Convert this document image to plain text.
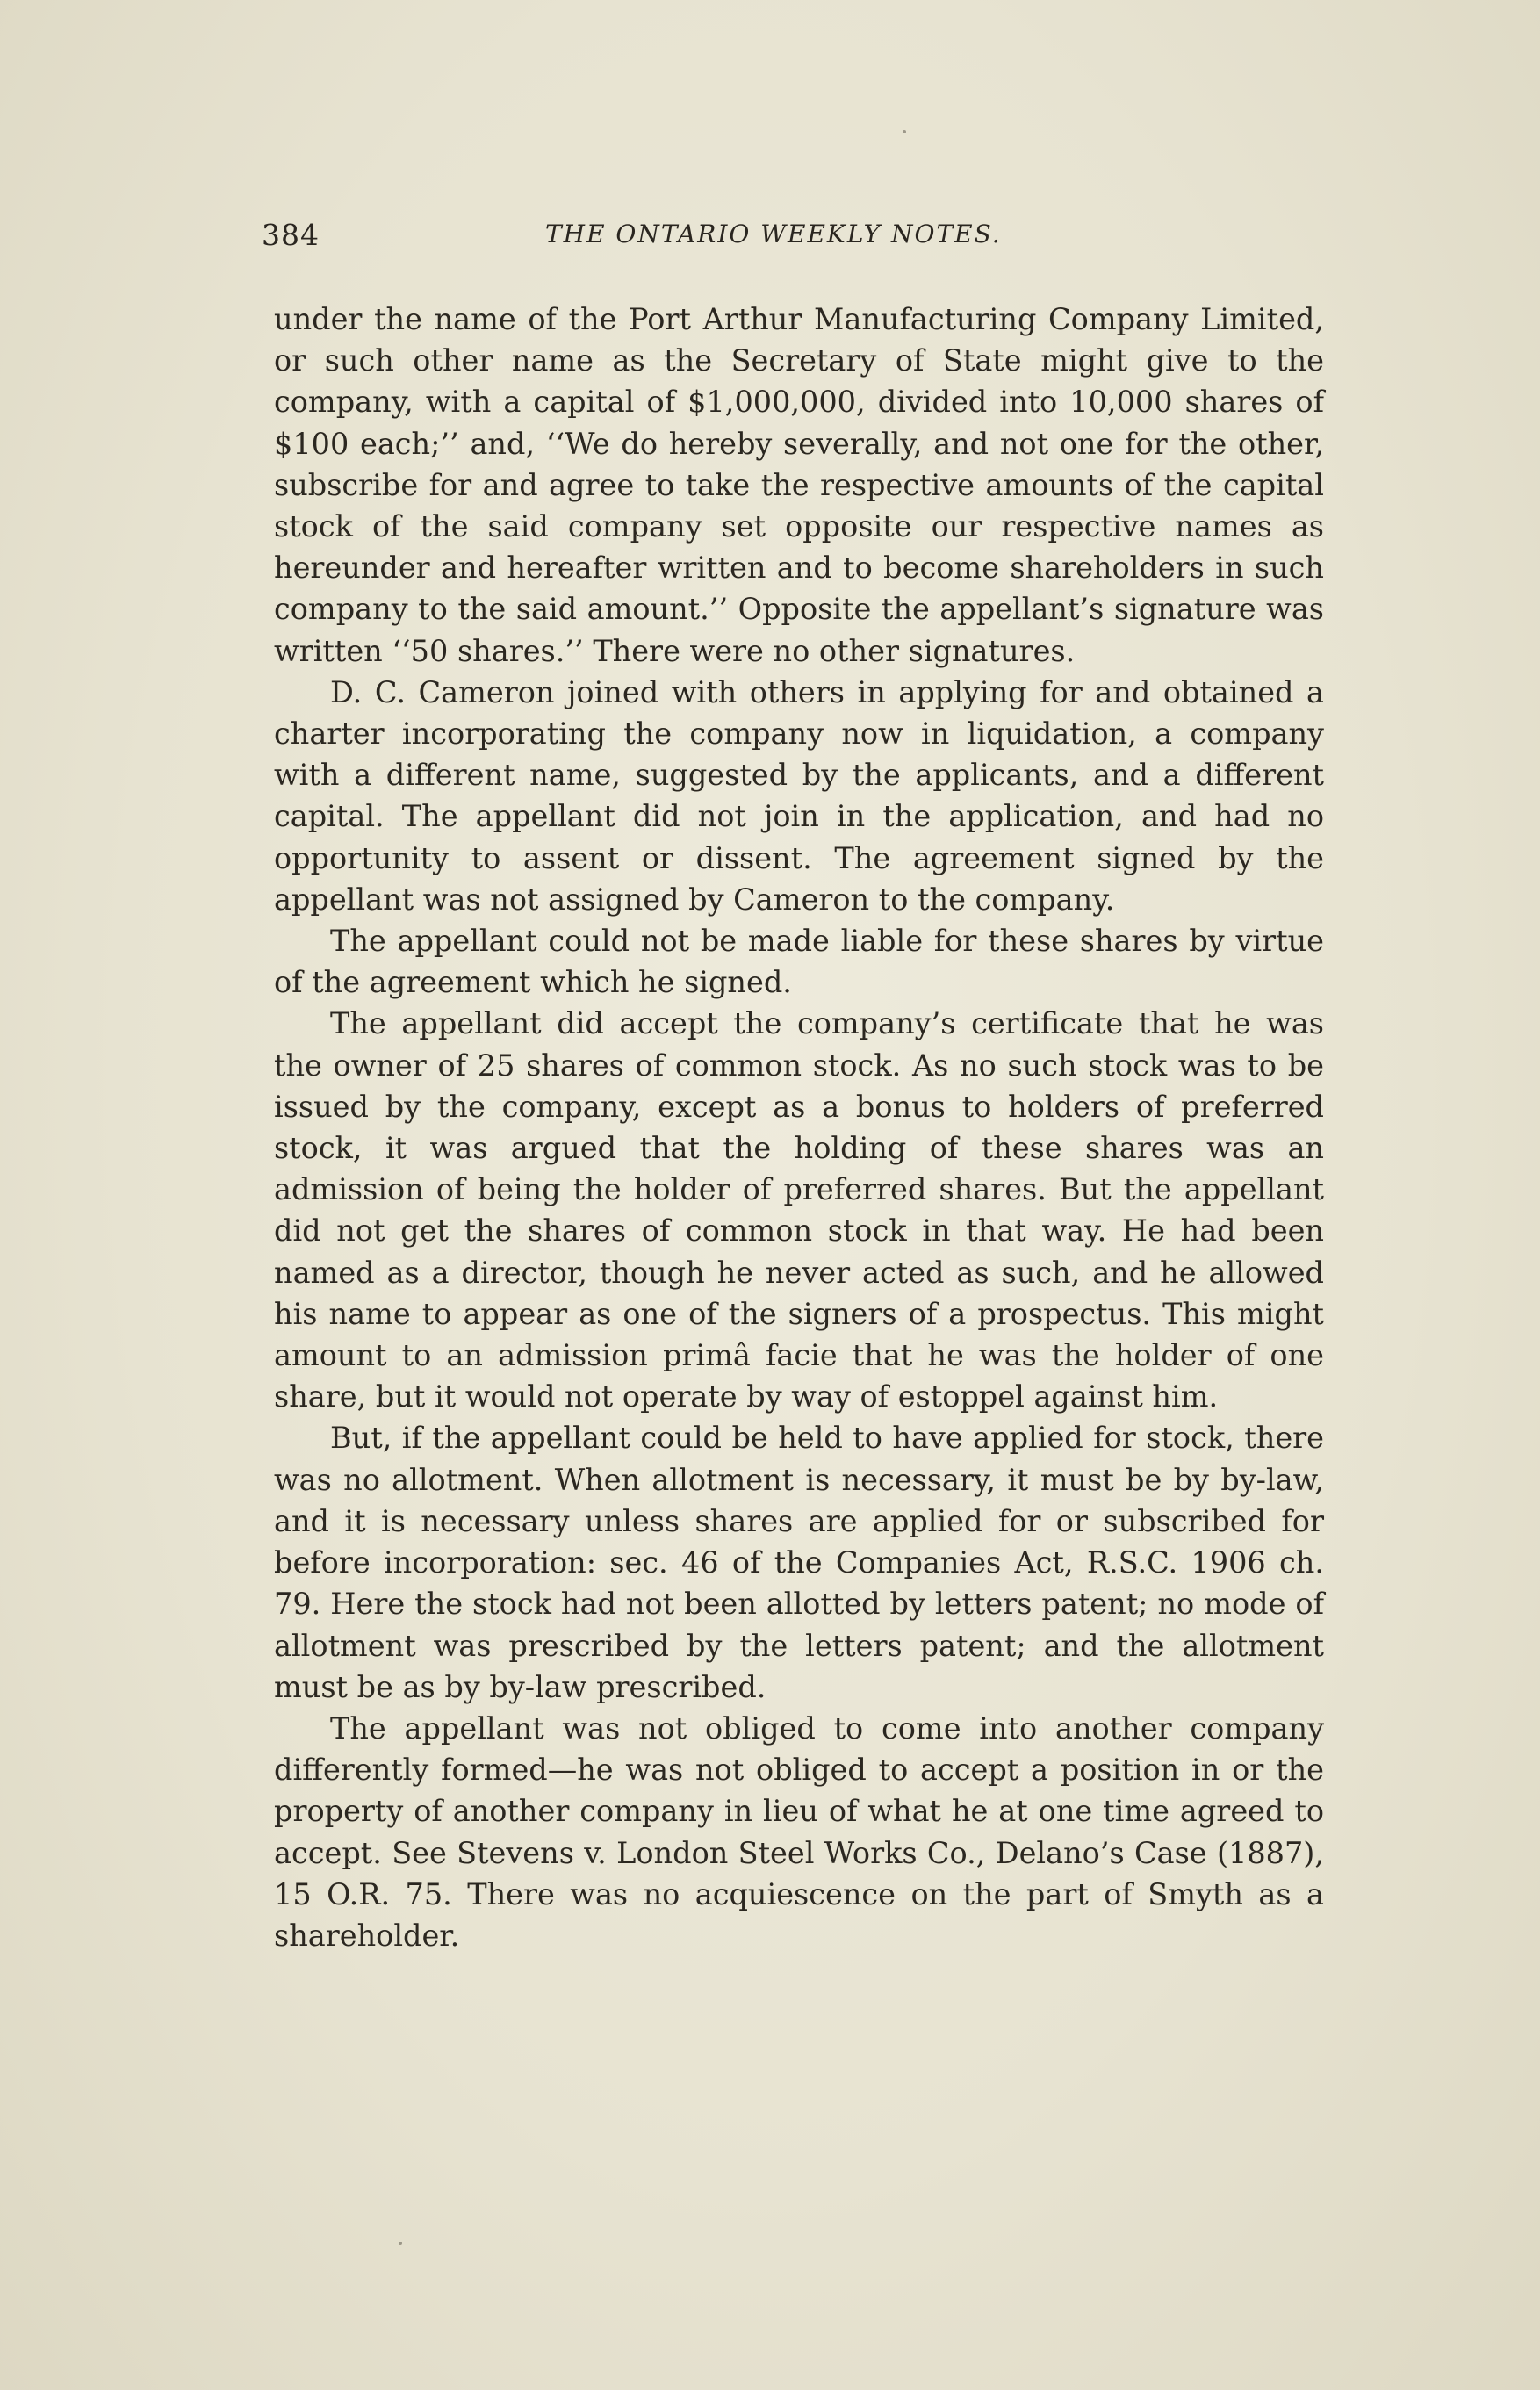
384	THE ONTARIO WEEKLY NOTES.

under the name of the Port Arthur Manufacturing Company Limited, or such other name as the Secretary of State might give to the company, with a capital of $1,000,000, divided into 10,000 shares of $100 each;’’ and, ‘‘We do hereby severally, and not one for the other, subscribe for and agree to take the respective amounts of the capital stock of the said company set opposite our respective names as hereunder and hereafter written and to become shareholders in such company to the said amount.’’ Opposite the appellant’s signature was written ‘‘50 shares.’’ There were no other signatures.

D. C. Cameron joined with others in applying for and obtained a charter incorporating the company now in liquidation, a company with a different name, suggested by the applicants, and a different capital. The appellant did not join in the application, and had no opportunity to assent or dissent. The agreement signed by the appellant was not assigned by Cameron to the company.

The appellant could not be made liable for these shares by virtue of the agreement which he signed.

The appellant did accept the company’s certificate that he was the owner of 25 shares of common stock. As no such stock was to be issued by the company, except as a bonus to holders of preferred stock, it was argued that the holding of these shares was an admission of being the holder of preferred shares. But the appellant did not get the shares of common stock in that way. He had been named as a director, though he never acted as such, and he allowed his name to appear as one of the signers of a prospectus. This might amount to an admission primâ facie that he was the holder of one share, but it would not operate by way of estoppel against him.

But, if the appellant could be held to have applied for stock, there was no allotment. When allotment is necessary, it must be by by-law, and it is necessary unless shares are applied for or subscribed for before incorporation: sec. 46 of the Companies Act, R.S.C. 1906 ch. 79. Here the stock had not been allotted by letters patent; no mode of allotment was prescribed by the letters patent; and the allotment must be as by by-law prescribed.

The appellant was not obliged to come into another company differently formed—he was not obliged to accept a position in or the property of another company in lieu of what he at one time agreed to accept. See Stevens v. London Steel Works Co., Delano’s Case (1887), 15 O.R. 75. There was no acquiescence on the part of Smyth as a shareholder.
